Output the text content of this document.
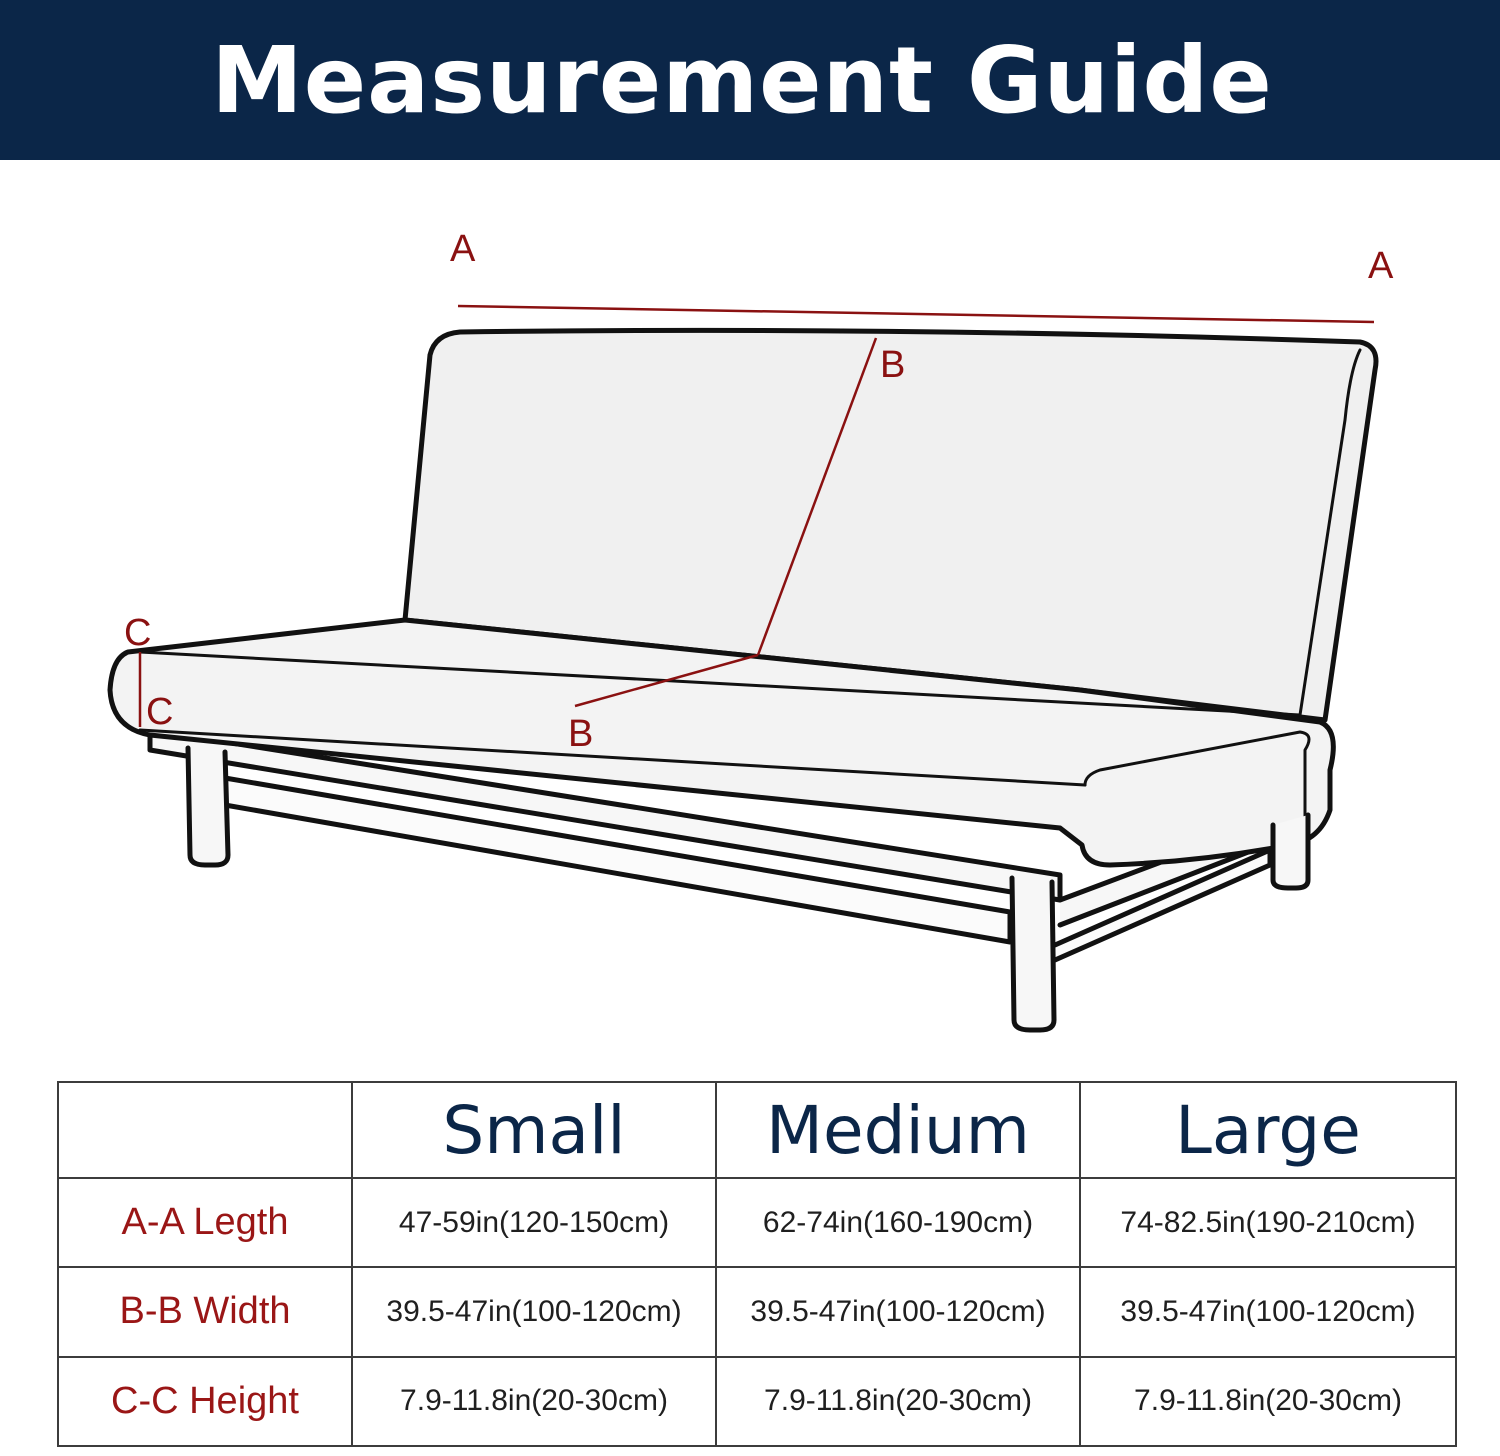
Measurement Guide
A	A
B
B
C
C
	Small	Medium	Large
A-A Legth	47-59in(120-150cm)	62-74in(160-190cm)	74-82.5in(190-210cm)
B-B Width	39.5-47in(100-120cm)	39.5-47in(100-120cm)	39.5-47in(100-120cm)
C-C Height	7.9-11.8in(20-30cm)	7.9-11.8in(20-30cm)	7.9-11.8in(20-30cm)
